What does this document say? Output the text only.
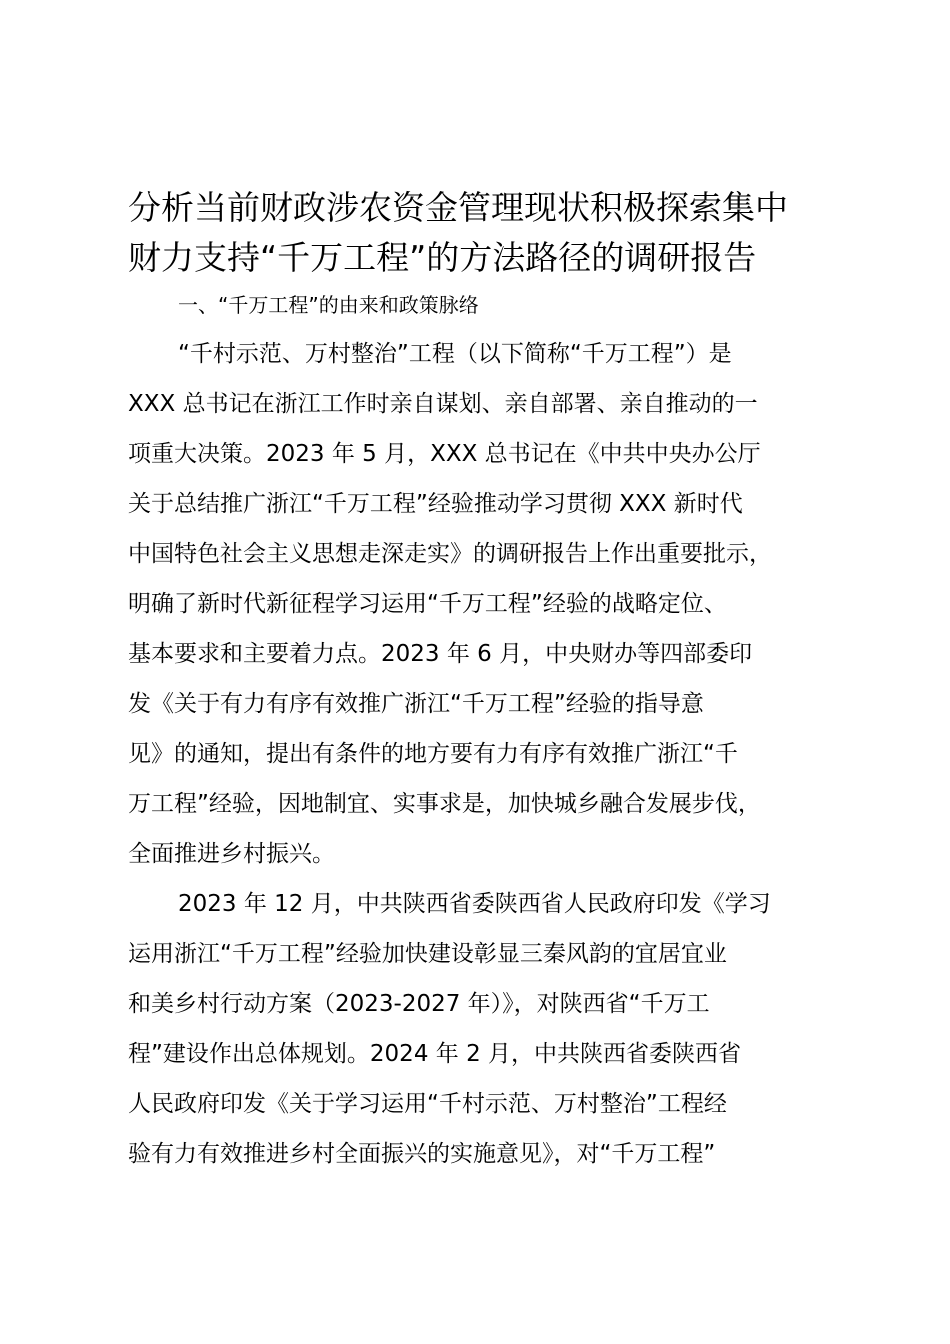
分析当前财政涉农资金管理现状积极探索集中
财力支持“千万工程”的方法路径的调研报告
一、“千万工程”的由来和政策脉络
“千村示范、万村整治”工程（以下简称“千万工程”）是
XXX 总书记在浙江工作时亲自谋划、亲自部署、亲自推动的一
项重大决策。2023 年 5 月，XXX 总书记在《中共中央办公厅
关于总结推广浙江“千万工程”经验推动学习贯彻 XXX 新时代
中国特色社会主义思想走深走实》的调研报告上作出重要批示，
明确了新时代新征程学习运用“千万工程”经验的战略定位、
基本要求和主要着力点。2023 年 6 月，中央财办等四部委印
发《关于有力有序有效推广浙江“千万工程”经验的指导意
见》的通知，提出有条件的地方要有力有序有效推广浙江“千
万工程”经验，因地制宜、实事求是，加快城乡融合发展步伐，
全面推进乡村振兴。
2023 年 12 月，中共陕西省委陕西省人民政府印发《学习
运用浙江“千万工程”经验加快建设彰显三秦风韵的宜居宜业
和美乡村行动方案（2023-2027 年）》，对陕西省“千万工
程”建设作出总体规划。2024 年 2 月，中共陕西省委陕西省
人民政府印发《关于学习运用“千村示范、万村整治”工程经
验有力有效推进乡村全面振兴的实施意见》，对“千万工程”
